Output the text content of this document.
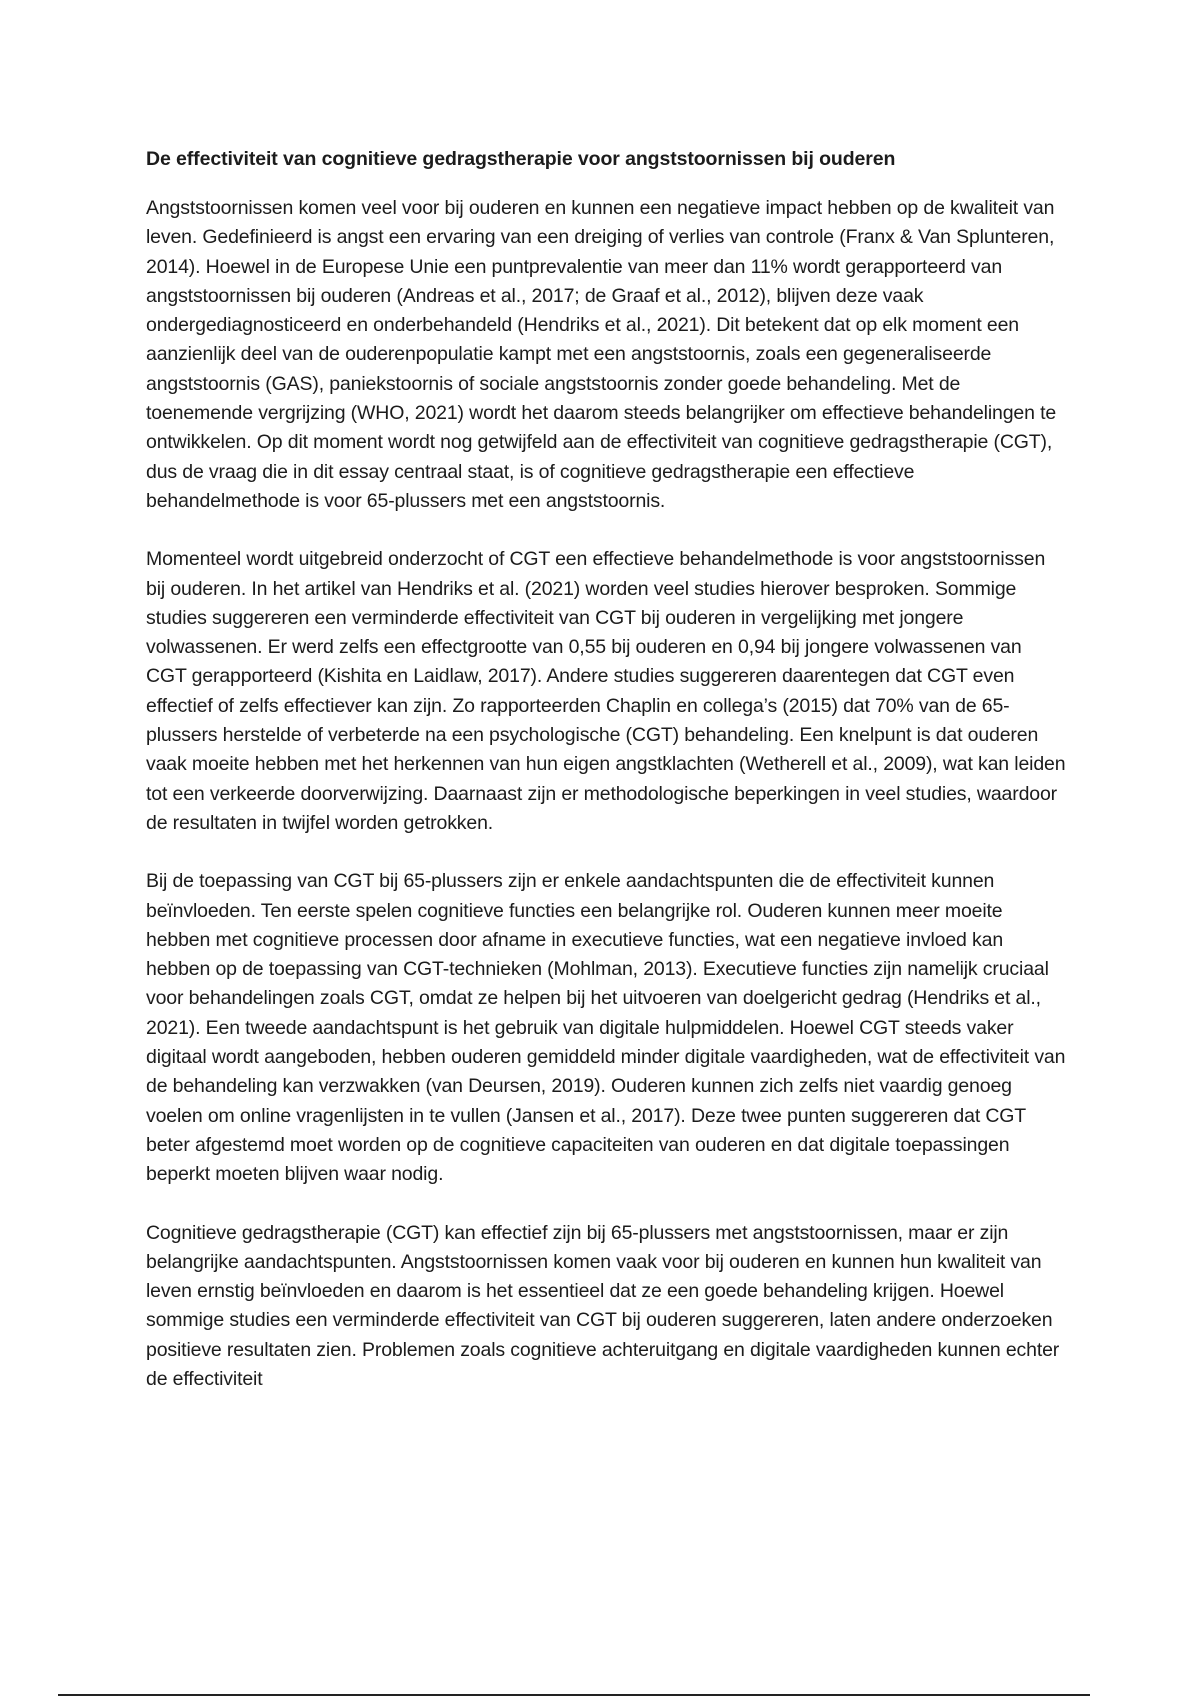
De effectiviteit van cognitieve gedragstherapie voor angststoornissen bij ouderen

Angststoornissen komen veel voor bij ouderen en kunnen een negatieve impact hebben op de kwaliteit van leven. Gedefinieerd is angst een ervaring van een dreiging of verlies van controle (Franx & Van Splunteren, 2014). Hoewel in de Europese Unie een puntprevalentie van meer dan 11% wordt gerapporteerd van angststoornissen bij ouderen (Andreas et al., 2017; de Graaf et al., 2012), blijven deze vaak ondergediagnosticeerd en onderbehandeld (Hendriks et al., 2021). Dit betekent dat op elk moment een aanzienlijk deel van de ouderenpopulatie kampt met een angststoornis, zoals een gegeneraliseerde angststoornis (GAS), paniekstoornis of sociale angststoornis zonder goede behandeling. Met de toenemende vergrijzing (WHO, 2021) wordt het daarom steeds belangrijker om effectieve behandelingen te ontwikkelen. Op dit moment wordt nog getwijfeld aan de effectiviteit van cognitieve gedragstherapie (CGT), dus de vraag die in dit essay centraal staat, is of cognitieve gedragstherapie een effectieve behandelmethode is voor 65-plussers met een angststoornis.

Momenteel wordt uitgebreid onderzocht of CGT een effectieve behandelmethode is voor angststoornissen bij ouderen. In het artikel van Hendriks et al. (2021) worden veel studies hierover besproken. Sommige studies suggereren een verminderde effectiviteit van CGT bij ouderen in vergelijking met jongere volwassenen. Er werd zelfs een effectgrootte van 0,55 bij ouderen en 0,94 bij jongere volwassenen van CGT gerapporteerd (Kishita en Laidlaw, 2017). Andere studies suggereren daarentegen dat CGT even effectief of zelfs effectiever kan zijn. Zo rapporteerden Chaplin en collega’s (2015) dat 70% van de 65-plussers herstelde of verbeterde na een psychologische (CGT) behandeling. Een knelpunt is dat ouderen vaak moeite hebben met het herkennen van hun eigen angstklachten (Wetherell et al., 2009), wat kan leiden tot een verkeerde doorverwijzing. Daarnaast zijn er methodologische beperkingen in veel studies, waardoor de resultaten in twijfel worden getrokken.

Bij de toepassing van CGT bij 65-plussers zijn er enkele aandachtspunten die de effectiviteit kunnen beïnvloeden. Ten eerste spelen cognitieve functies een belangrijke rol. Ouderen kunnen meer moeite hebben met cognitieve processen door afname in executieve functies, wat een negatieve invloed kan hebben op de toepassing van CGT-technieken (Mohlman, 2013). Executieve functies zijn namelijk cruciaal voor behandelingen zoals CGT, omdat ze helpen bij het uitvoeren van doelgericht gedrag (Hendriks et al., 2021). Een tweede aandachtspunt is het gebruik van digitale hulpmiddelen. Hoewel CGT steeds vaker digitaal wordt aangeboden, hebben ouderen gemiddeld minder digitale vaardigheden, wat de effectiviteit van de behandeling kan verzwakken (van Deursen, 2019). Ouderen kunnen zich zelfs niet vaardig genoeg voelen om online vragenlijsten in te vullen (Jansen et al., 2017). Deze twee punten suggereren dat CGT beter afgestemd moet worden op de cognitieve capaciteiten van ouderen en dat digitale toepassingen beperkt moeten blijven waar nodig.

Cognitieve gedragstherapie (CGT) kan effectief zijn bij 65-plussers met angststoornissen, maar er zijn belangrijke aandachtspunten. Angststoornissen komen vaak voor bij ouderen en kunnen hun kwaliteit van leven ernstig beïnvloeden en daarom is het essentieel dat ze een goede behandeling krijgen. Hoewel sommige studies een verminderde effectiviteit van CGT bij ouderen suggereren, laten andere onderzoeken positieve resultaten zien. Problemen zoals cognitieve achteruitgang en digitale vaardigheden kunnen echter de effectiviteit
